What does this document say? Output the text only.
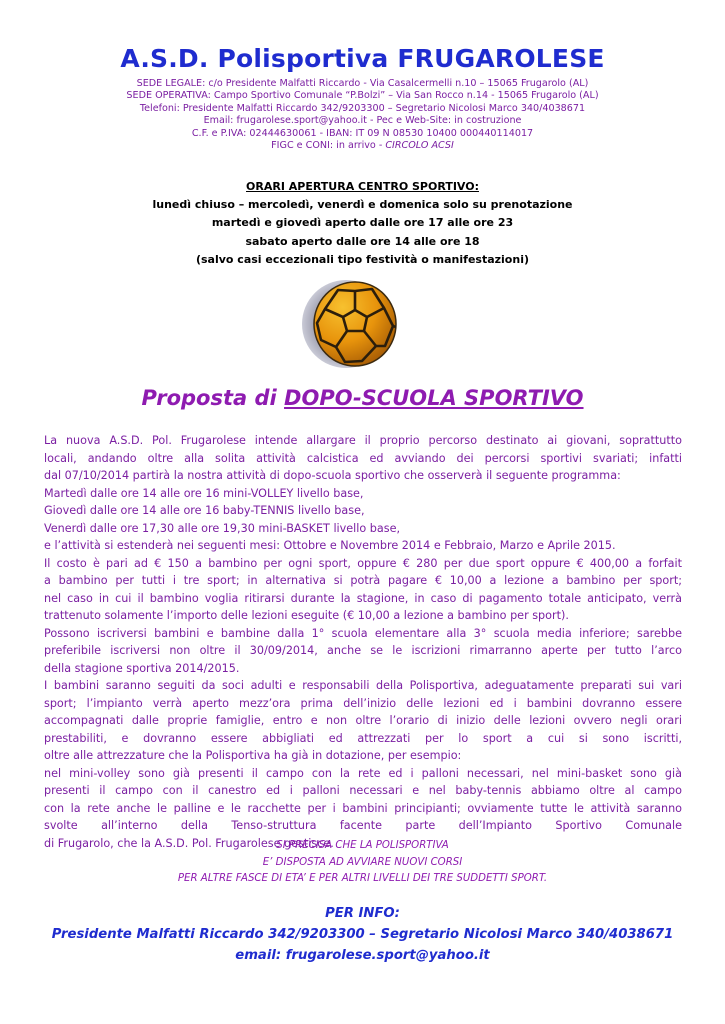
A.S.D. Polisportiva FRUGAROLESE
SEDE LEGALE: c/o Presidente Malfatti Riccardo - Via Casalcermelli n.10 – 15065 Frugarolo (AL)
SEDE OPERATIVA: Campo Sportivo Comunale “P.Bolzi” – Via San Rocco n.14 - 15065 Frugarolo (AL)
Telefoni: Presidente Malfatti Riccardo 342/9203300 – Segretario Nicolosi Marco 340/4038671
Email: frugarolese.sport@yahoo.it - Pec e Web-Site: in costruzione
C.F. e P.IVA: 02444630061 - IBAN: IT 09 N 08530 10400 000440114017
FIGC e CONI: in arrivo - CIRCOLO ACSI
ORARI APERTURA CENTRO SPORTIVO:
lunedì chiuso – mercoledì, venerdì e domenica solo su prenotazione
martedì e giovedì aperto dalle ore 17 alle ore 23
sabato aperto dalle ore 14 alle ore 18
(salvo casi eccezionali tipo festività o manifestazioni)
Proposta di DOPO-SCUOLA SPORTIVO
La nuova A.S.D. Pol. Frugarolese intende allargare il proprio percorso destinato ai giovani, soprattutto
locali, andando oltre alla solita attività calcistica ed avviando dei percorsi sportivi svariati; infatti
dal 07/10/2014 partirà la nostra attività di dopo-scuola sportivo che osserverà il seguente programma:
Martedì dalle ore 14 alle ore 16 mini-VOLLEY livello base,
Giovedì dalle ore 14 alle ore 16 baby-TENNIS livello base,
Venerdì dalle ore 17,30 alle ore 19,30 mini-BASKET livello base,
e l’attività si estenderà nei seguenti mesi: Ottobre e Novembre 2014 e Febbraio, Marzo e Aprile 2015.
Il costo è pari ad € 150 a bambino per ogni sport, oppure € 280 per due sport oppure € 400,00 a forfait
a bambino per tutti i tre sport; in alternativa si potrà pagare € 10,00 a lezione a bambino per sport;
nel caso in cui il bambino voglia ritirarsi durante la stagione, in caso di pagamento totale anticipato, verrà
trattenuto solamente l’importo delle lezioni eseguite (€ 10,00 a lezione a bambino per sport).
Possono iscriversi bambini e bambine dalla 1° scuola elementare alla 3° scuola media inferiore; sarebbe
preferibile iscriversi non oltre il 30/09/2014, anche se le iscrizioni rimarranno aperte per tutto l’arco
della stagione sportiva 2014/2015.
I bambini saranno seguiti da soci adulti e responsabili della Polisportiva, adeguatamente preparati sui vari
sport; l’impianto verrà aperto mezz’ora prima dell’inizio delle lezioni ed i bambini dovranno essere
accompagnati dalle proprie famiglie, entro e non oltre l’orario di inizio delle lezioni ovvero negli orari
prestabiliti, e dovranno essere abbigliati ed attrezzati per lo sport a cui si sono iscritti,
oltre alle attrezzature che la Polisportiva ha già in dotazione, per esempio:
nel mini-volley sono già presenti il campo con la rete ed i palloni necessari, nel mini-basket sono già
presenti il campo con il canestro ed i palloni necessari e nel baby-tennis abbiamo oltre al campo
con la rete anche le palline e le racchette per i bambini principianti; ovviamente tutte le attività saranno
svolte all’interno della Tenso-struttura facente parte dell’Impianto Sportivo Comunale
di Frugarolo, che la A.S.D. Pol. Frugarolese gestisce.
SI PRECISA CHE LA POLISPORTIVA
E’ DISPOSTA AD AVVIARE NUOVI CORSI
PER ALTRE FASCE DI ETA’ E PER ALTRI LIVELLI DEI TRE SUDDETTI SPORT.
PER INFO:
Presidente Malfatti Riccardo 342/9203300 – Segretario Nicolosi Marco 340/4038671
email: frugarolese.sport@yahoo.it
